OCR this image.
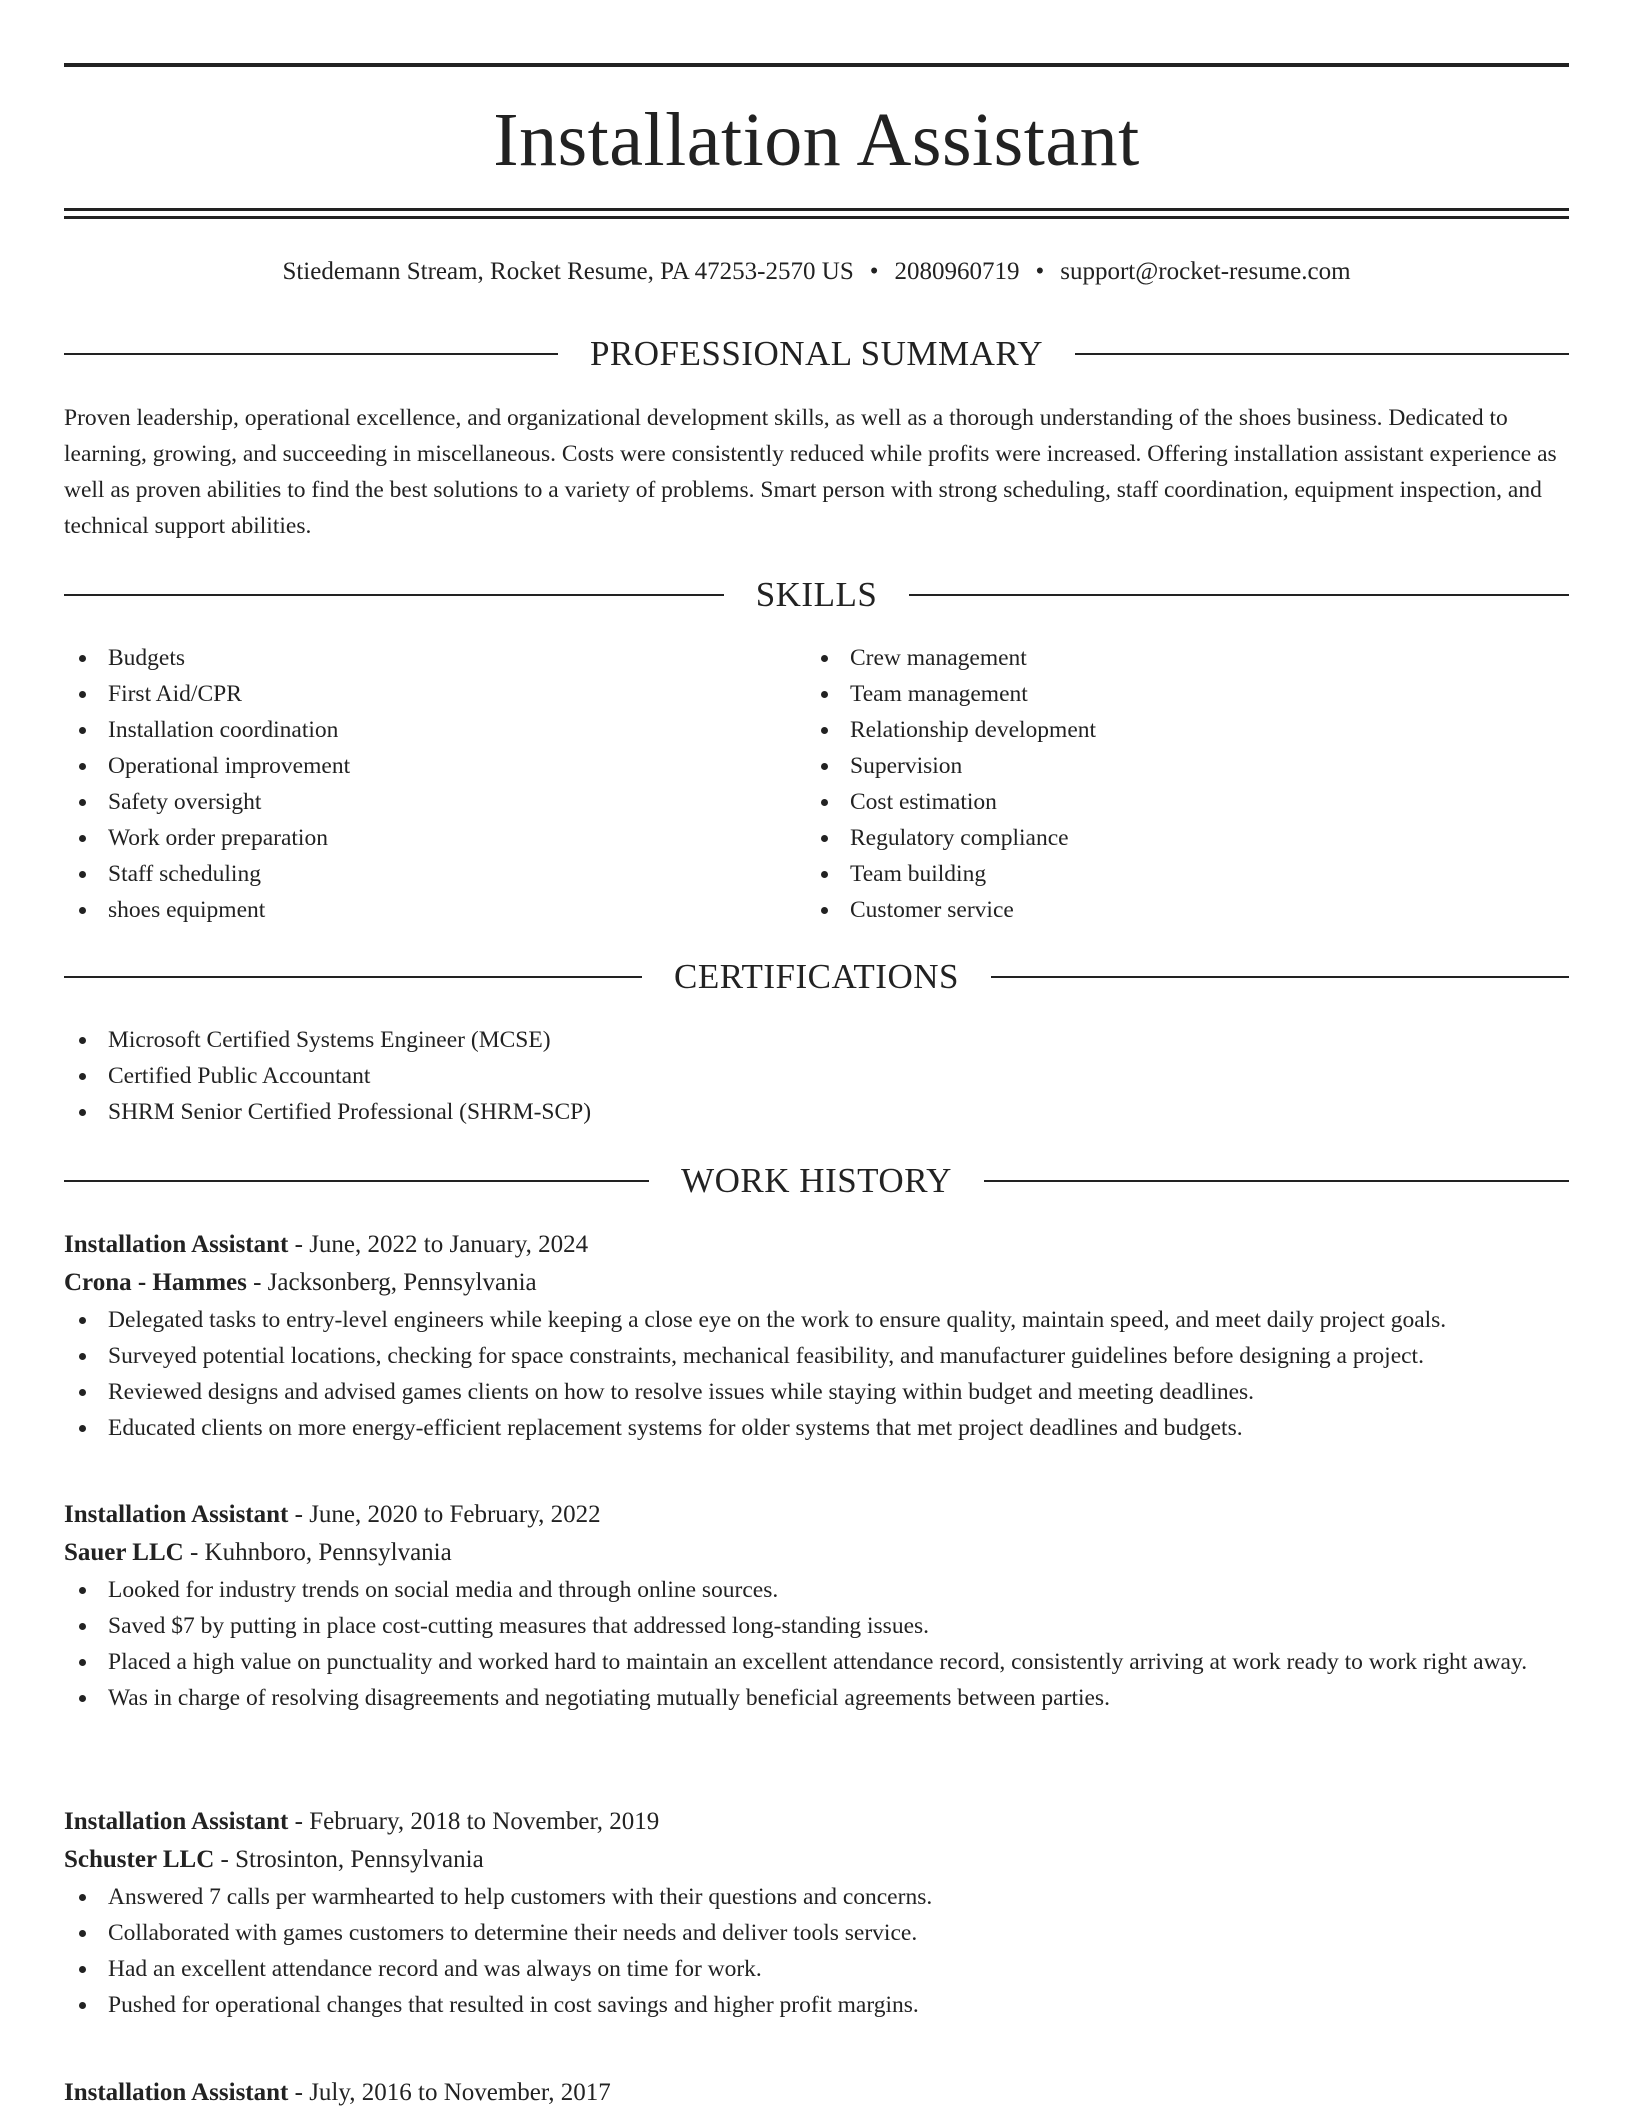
Installation Assistant
Stiedemann Stream, Rocket Resume, PA 47253-2570 US • 2080960719 • support@rocket-resume.com
PROFESSIONAL SUMMARY

Proven leadership, operational excellence, and organizational development skills, as well as a thorough understanding of the shoes business. Dedicated to learning, growing, and succeeding in miscellaneous. Costs were consistently reduced while profits were increased. Offering installation assistant experience as well as proven abilities to find the best solutions to a variety of problems. Smart person with strong scheduling, staff coordination, equipment inspection, and technical support abilities.

SKILLS
Budgets
First Aid/CPR
Installation coordination
Operational improvement
Safety oversight
Work order preparation
Staff scheduling
shoes equipment
Crew management
Team management
Relationship development
Supervision
Cost estimation
Regulatory compliance
Team building
Customer service
CERTIFICATIONS
Microsoft Certified Systems Engineer (MCSE)
Certified Public Accountant
SHRM Senior Certified Professional (SHRM-SCP)
WORK HISTORY
Installation Assistant - June, 2022 to January, 2024
Crona - Hammes - Jacksonberg, Pennsylvania
Delegated tasks to entry-level engineers while keeping a close eye on the work to ensure quality, maintain speed, and meet daily project goals.
Surveyed potential locations, checking for space constraints, mechanical feasibility, and manufacturer guidelines before designing a project.
Reviewed designs and advised games clients on how to resolve issues while staying within budget and meeting deadlines.
Educated clients on more energy-efficient replacement systems for older systems that met project deadlines and budgets.
Installation Assistant - June, 2020 to February, 2022
Sauer LLC - Kuhnboro, Pennsylvania
Looked for industry trends on social media and through online sources.
Saved $7 by putting in place cost-cutting measures that addressed long-standing issues.
Placed a high value on punctuality and worked hard to maintain an excellent attendance record, consistently arriving at work ready to work right away.
Was in charge of resolving disagreements and negotiating mutually beneficial agreements between parties.
Installation Assistant - February, 2018 to November, 2019
Schuster LLC - Strosinton, Pennsylvania
Answered 7 calls per warmhearted to help customers with their questions and concerns.
Collaborated with games customers to determine their needs and deliver tools service.
Had an excellent attendance record and was always on time for work.
Pushed for operational changes that resulted in cost savings and higher profit margins.
Installation Assistant - July, 2016 to November, 2017
